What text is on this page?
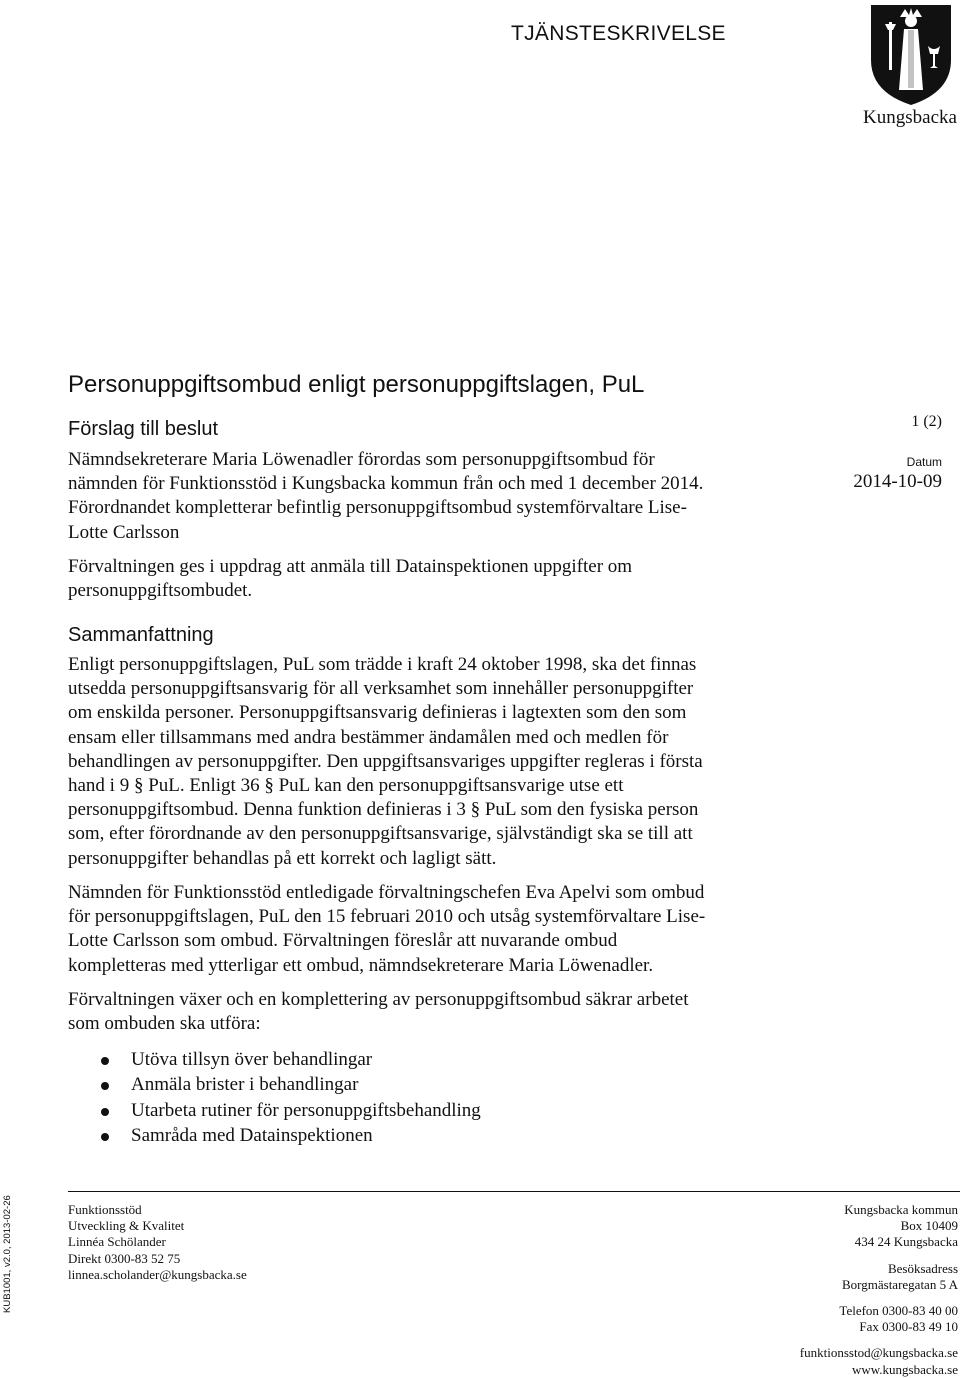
TJÄNSTESKRIVELSE
Kungsbacka
1 (2)
Datum
2014-10-09
Personuppgiftsombud enligt personuppgiftslagen, PuL
Förslag till beslut
Nämndsekreterare Maria Löwenadler förordas som personuppgiftsombud för
nämnden för Funktionsstöd i Kungsbacka kommun från och med 1 december 2014.
Förordnandet kompletterar befintlig personuppgiftsombud systemförvaltare Lise-
Lotte Carlsson
Förvaltningen ges i uppdrag att anmäla till Datainspektionen uppgifter om
personuppgiftsombudet.
Sammanfattning
Enligt personuppgiftslagen, PuL som trädde i kraft 24 oktober 1998, ska det finnas
utsedda personuppgiftsansvarig för all verksamhet som innehåller personuppgifter
om enskilda personer. Personuppgiftsansvarig definieras i lagtexten som den som
ensam eller tillsammans med andra bestämmer ändamålen med och medlen för
behandlingen av personuppgifter. Den uppgiftsansvariges uppgifter regleras i första
hand i 9 § PuL. Enligt 36 § PuL kan den personuppgiftsansvarige utse ett
personuppgiftsombud. Denna funktion definieras i 3 § PuL som den fysiska person
som, efter förordnande av den personuppgiftsansvarige, självständigt ska se till att
personuppgifter behandlas på ett korrekt och lagligt sätt.
Nämnden för Funktionsstöd entledigade förvaltningschefen Eva Apelvi som ombud
för personuppgiftslagen, PuL den 15 februari 2010 och utsåg systemförvaltare Lise-
Lotte Carlsson som ombud. Förvaltningen föreslår att nuvarande ombud
kompletteras med ytterligar ett ombud, nämndsekreterare Maria Löwenadler.
Förvaltningen växer och en komplettering av personuppgiftsombud säkrar arbetet
som ombuden ska utföra:
Utöva tillsyn över behandlingar
Anmäla brister i behandlingar
Utarbeta rutiner för personuppgiftsbehandling
Samråda med Datainspektionen
Funktionsstöd
Utveckling & Kvalitet
Linnéa Schölander
Direkt 0300-83 52 75
linnea.scholander@kungsbacka.se
Kungsbacka kommun
Box 10409
434 24 Kungsbacka
Besöksadress
Borgmästaregatan 5 A
Telefon 0300-83 40 00
Fax 0300-83 49 10
funktionsstod@kungsbacka.se
www.kungsbacka.se
KUB1001, v2.0, 2013-02-26
